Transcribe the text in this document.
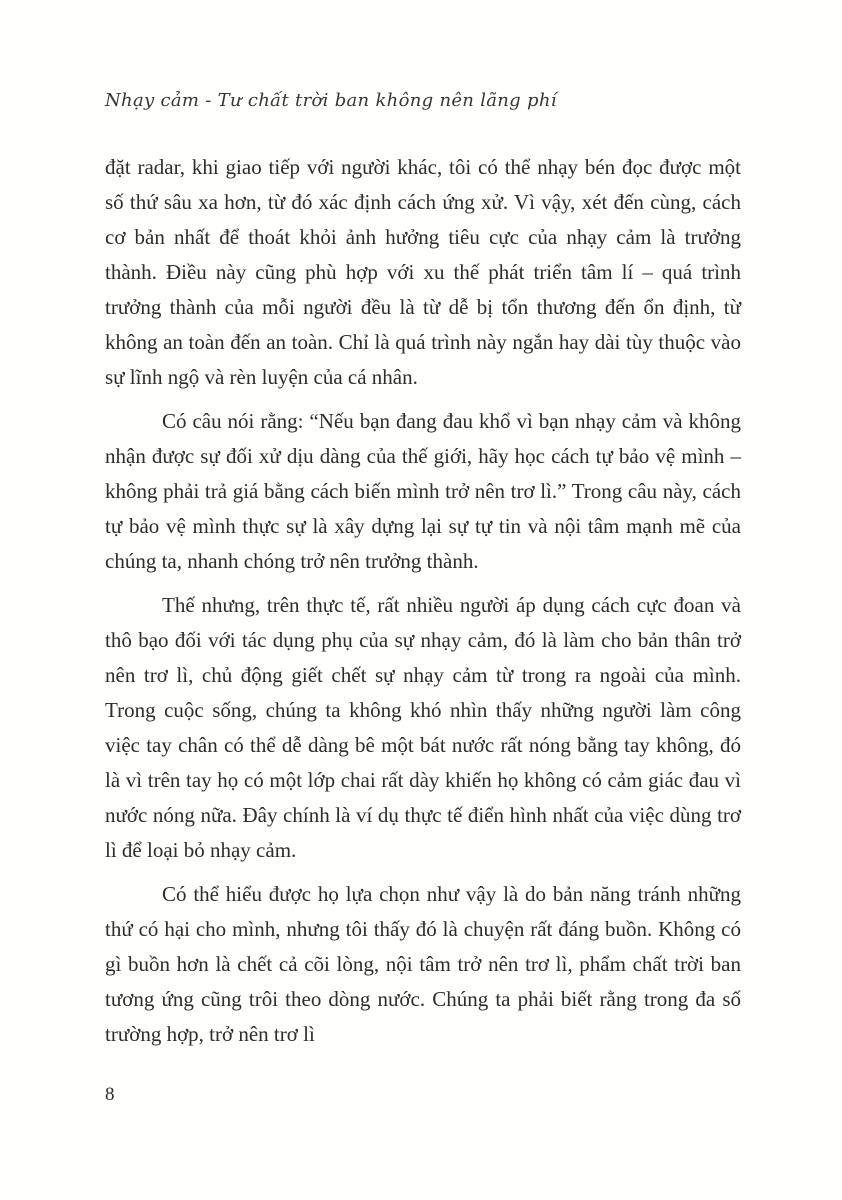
Nhạy cảm - Tư chất trời ban không nên lãng phí

đặt radar, khi giao tiếp với người khác, tôi có thể nhạy bén đọc được một số thứ sâu xa hơn, từ đó xác định cách ứng xử. Vì vậy, xét đến cùng, cách cơ bản nhất để thoát khỏi ảnh hưởng tiêu cực của nhạy cảm là trưởng thành. Điều này cũng phù hợp với xu thế phát triển tâm lí – quá trình trưởng thành của mỗi người đều là từ dễ bị tổn thương đến ổn định, từ không an toàn đến an toàn. Chỉ là quá trình này ngắn hay dài tùy thuộc vào sự lĩnh ngộ và rèn luyện của cá nhân.

Có câu nói rằng: “Nếu bạn đang đau khổ vì bạn nhạy cảm và không nhận được sự đối xử dịu dàng của thế giới, hãy học cách tự bảo vệ mình – không phải trả giá bằng cách biến mình trở nên trơ lì.” Trong câu này, cách tự bảo vệ mình thực sự là xây dựng lại sự tự tin và nội tâm mạnh mẽ của chúng ta, nhanh chóng trở nên trưởng thành.

Thế nhưng, trên thực tế, rất nhiều người áp dụng cách cực đoan và thô bạo đối với tác dụng phụ của sự nhạy cảm, đó là làm cho bản thân trở nên trơ lì, chủ động giết chết sự nhạy cảm từ trong ra ngoài của mình. Trong cuộc sống, chúng ta không khó nhìn thấy những người làm công việc tay chân có thể dễ dàng bê một bát nước rất nóng bằng tay không, đó là vì trên tay họ có một lớp chai rất dày khiến họ không có cảm giác đau vì nước nóng nữa. Đây chính là ví dụ thực tế điển hình nhất của việc dùng trơ lì để loại bỏ nhạy cảm.

Có thể hiểu được họ lựa chọn như vậy là do bản năng tránh những thứ có hại cho mình, nhưng tôi thấy đó là chuyện rất đáng buồn. Không có gì buồn hơn là chết cả cõi lòng, nội tâm trở nên trơ lì, phẩm chất trời ban tương ứng cũng trôi theo dòng nước. Chúng ta phải biết rằng trong đa số trường hợp, trở nên trơ lì

8
